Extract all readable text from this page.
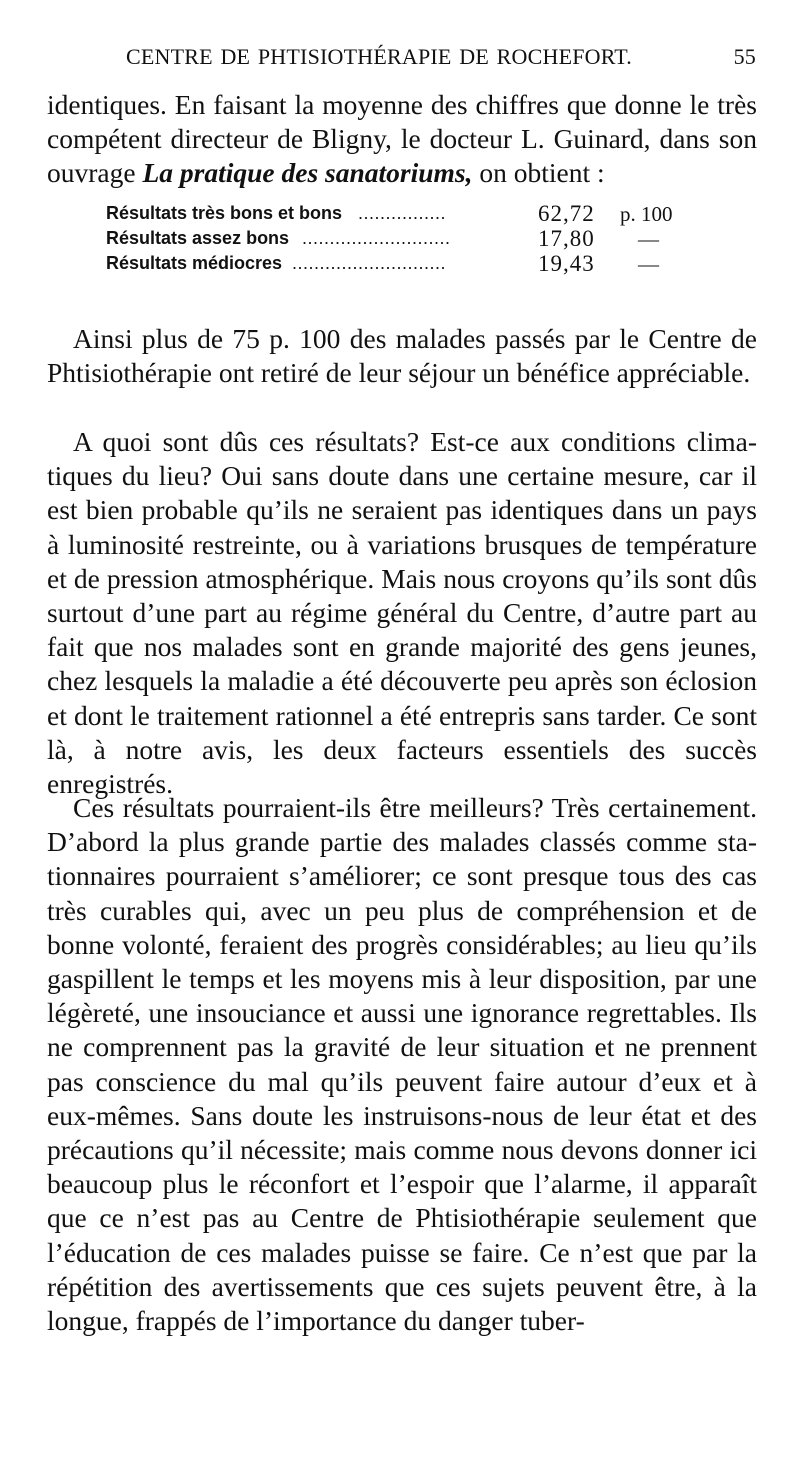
CENTRE DE PHTISIOTHÉRAPIE DE ROCHEFORT.	55

identiques. En faisant la moyenne des chiffres que donne le très compétent directeur de Bligny, le docteur L. Guinard, dans son ouvrage La pratique des sanatoriums, on obtient :

Résultats très bons et bons ................	62,72 p. 100
Résultats assez bons ...........................	17,80 —
Résultats médiocres ............................	19,43 —

Ainsi plus de 75 p. 100 des malades passés par le Centre de Phtisiothérapie ont retiré de leur séjour un bénéfice appréciable.

A quoi sont dûs ces résultats? Est-ce aux conditions climatiques du lieu? Oui sans doute dans une certaine mesure, car il est bien probable qu’ils ne seraient pas identiques dans un pays à luminosité restreinte, ou à variations brusques de température et de pression atmosphérique. Mais nous croyons qu’ils sont dûs surtout d’une part au régime général du Centre, d’autre part au fait que nos malades sont en grande majorité des gens jeunes, chez lesquels la maladie a été découverte peu après son éclosion et dont le traitement rationnel a été entrepris sans tarder. Ce sont là, à notre avis, les deux facteurs essentiels des succès enregistrés.

Ces résultats pourraient-ils être meilleurs? Très certainement. D’abord la plus grande partie des malades classés comme stationnaires pourraient s’améliorer; ce sont presque tous des cas très curables qui, avec un peu plus de compréhension et de bonne volonté, feraient des progrès considérables; au lieu qu’ils gaspillent le temps et les moyens mis à leur disposition, par une légèreté, une insouciance et aussi une ignorance regrettables. Ils ne comprennent pas la gravité de leur situation et ne prennent pas conscience du mal qu’ils peuvent faire autour d’eux et à eux-mêmes. Sans doute les instruisons-nous de leur état et des précautions qu’il nécessite; mais comme nous devons donner ici beaucoup plus le réconfort et l’espoir que l’alarme, il apparaît que ce n’est pas au Centre de Phtisiothérapie seulement que l’éducation de ces malades puisse se faire. Ce n’est que par la répétition des avertissements que ces sujets peuvent être, à la longue, frappés de l’importance du danger tuber-
